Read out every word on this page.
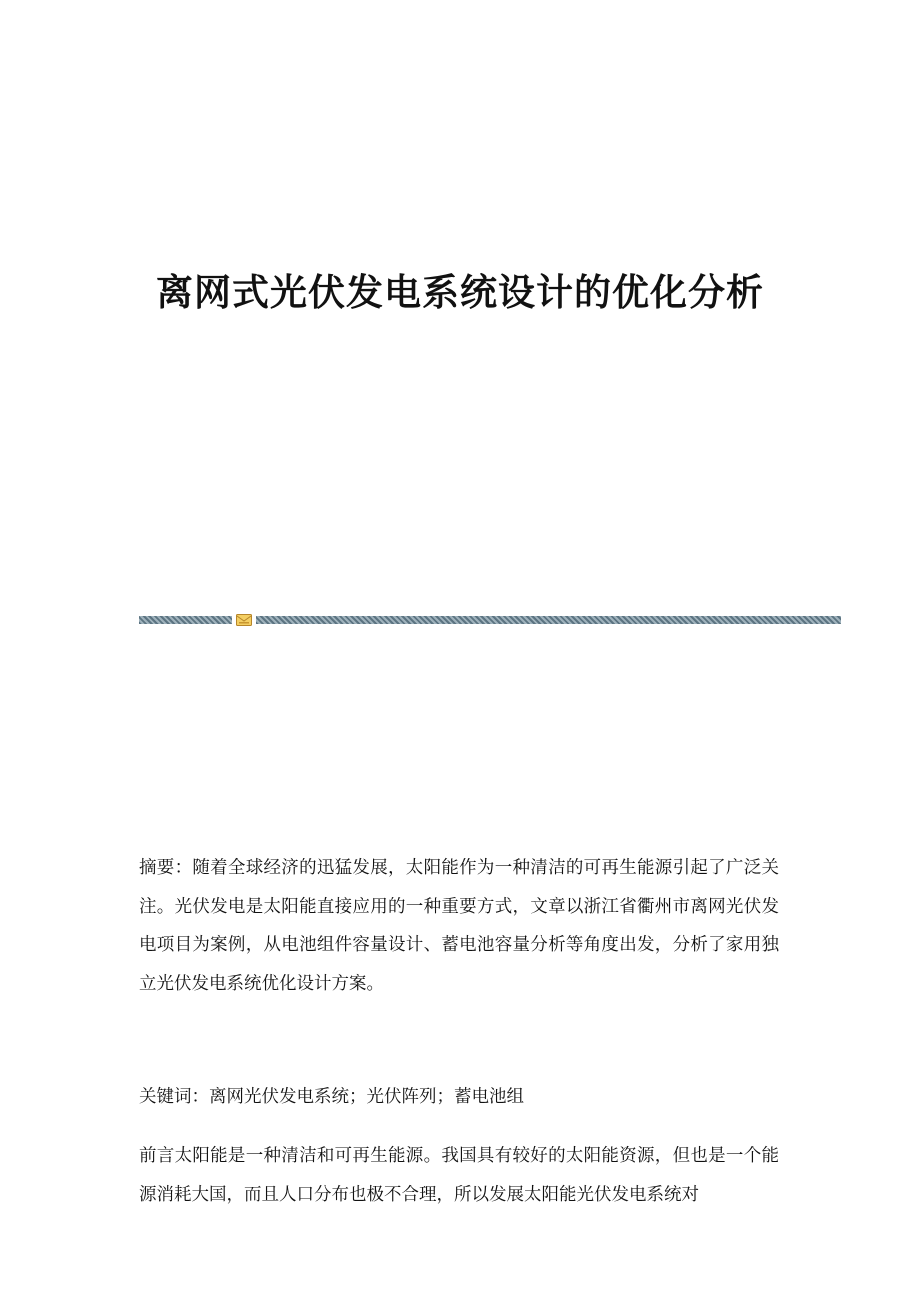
离网式光伏发电系统设计的优化分析

摘要：随着全球经济的迅猛发展，太阳能作为一种清洁的可再生能源引起了广泛关注。光伏发电是太阳能直接应用的一种重要方式，文章以浙江省衢州市离网光伏发电项目为案例，从电池组件容量设计、蓄电池容量分析等角度出发，分析了家用独立光伏发电系统优化设计方案。

关键词：离网光伏发电系统；光伏阵列；蓄电池组

前言太阳能是一种清洁和可再生能源。我国具有较好的太阳能资源，但也是一个能源消耗大国，而且人口分布也极不合理，所以发展太阳能光伏发电系统对
